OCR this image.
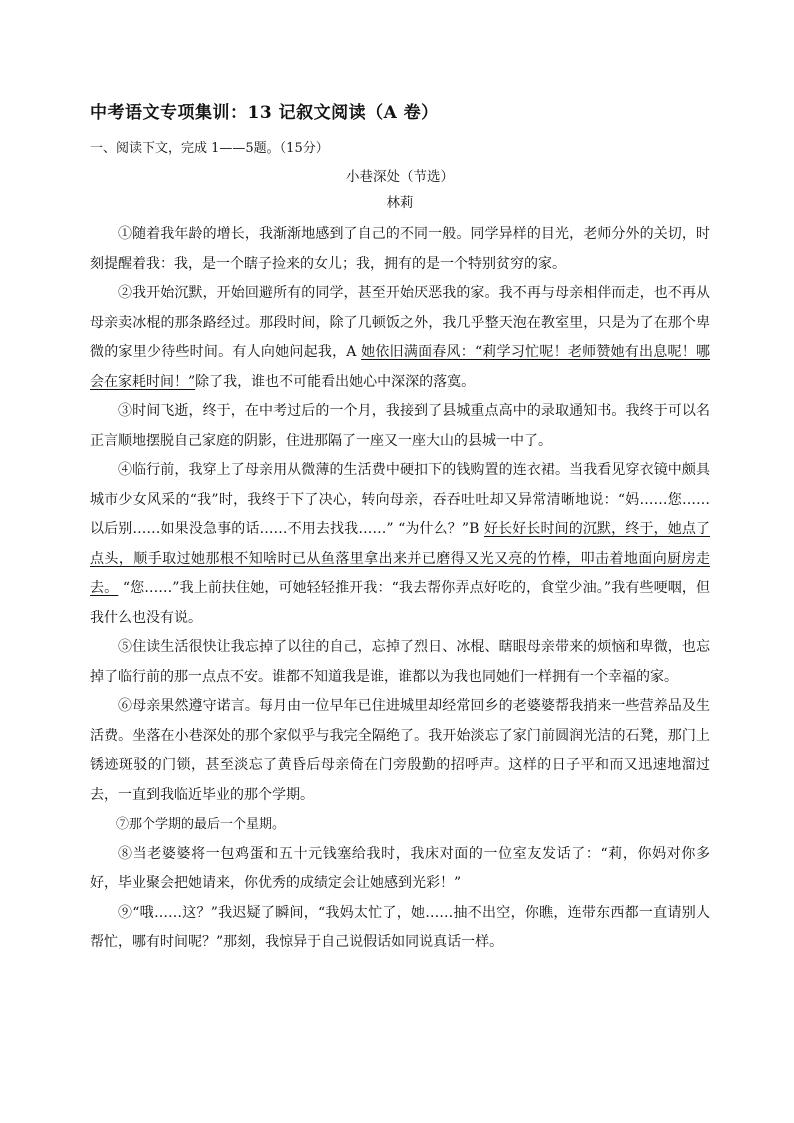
中考语文专项集训：13 记叙文阅读（A 卷）
一、阅读下文，完成 1——5题。（15分）
小巷深处（节选）
林莉

①随着我年龄的增长，我渐渐地感到了自己的不同一般。同学异样的目光，老师分外的关切，时刻提醒着我：我，是一个瞎子捡来的女儿；我，拥有的是一个特别贫穷的家。

②我开始沉默，开始回避所有的同学，甚至开始厌恶我的家。我不再与母亲相伴而走，也不再从母亲卖冰棍的那条路经过。那段时间，除了几顿饭之外，我几乎整天泡在教室里，只是为了在那个卑微的家里少待些时间。有人向她问起我，A 她依旧满面春风：“莉学习忙呢！老师赞她有出息呢！哪会在家耗时间！”除了我，谁也不可能看出她心中深深的落寞。

③时间飞逝，终于，在中考过后的一个月，我接到了县城重点高中的录取通知书。我终于可以名正言顺地摆脱自己家庭的阴影，住进那隔了一座又一座大山的县城一中了。

④临行前，我穿上了母亲用从微薄的生活费中硬扣下的钱购置的连衣裙。当我看见穿衣镜中颇具城市少女风采的“我”时，我终于下了决心，转向母亲，吞吞吐吐却又异常清晰地说：“妈……您……以后别……如果没急事的话……不用去找我……” “为什么？”B 好长好长时间的沉默，终于，她点了点头，顺手取过她那根不知啥时已从鱼落里拿出来并已磨得又光又亮的竹棒，叩击着地面向厨房走去。 “您……”我上前扶住她，可她轻轻推开我：“我去帮你弄点好吃的，食堂少油。”我有些哽咽，但我什么也没有说。

⑤住读生活很快让我忘掉了以往的自己，忘掉了烈日、冰棍、瞎眼母亲带来的烦恼和卑微，也忘掉了临行前的那一点点不安。谁都不知道我是谁，谁都以为我也同她们一样拥有一个幸福的家。

⑥母亲果然遵守诺言。每月由一位早年已住进城里却经常回乡的老婆婆帮我捎来一些营养品及生活费。坐落在小巷深处的那个家似乎与我完全隔绝了。我开始淡忘了家门前圆润光洁的石凳，那门上锈迹斑驳的门锁，甚至淡忘了黄昏后母亲倚在门旁殷勤的招呼声。这样的日子平和而又迅速地溜过去，一直到我临近毕业的那个学期。

⑦那个学期的最后一个星期。

⑧当老婆婆将一包鸡蛋和五十元钱塞给我时，我床对面的一位室友发话了：“莉，你妈对你多好，毕业聚会把她请来，你优秀的成绩定会让她感到光彩！”

⑨“哦……这？”我迟疑了瞬间，“我妈太忙了，她……抽不出空，你瞧，连带东西都一直请别人帮忙，哪有时间呢？”那刻，我惊异于自己说假话如同说真话一样。
